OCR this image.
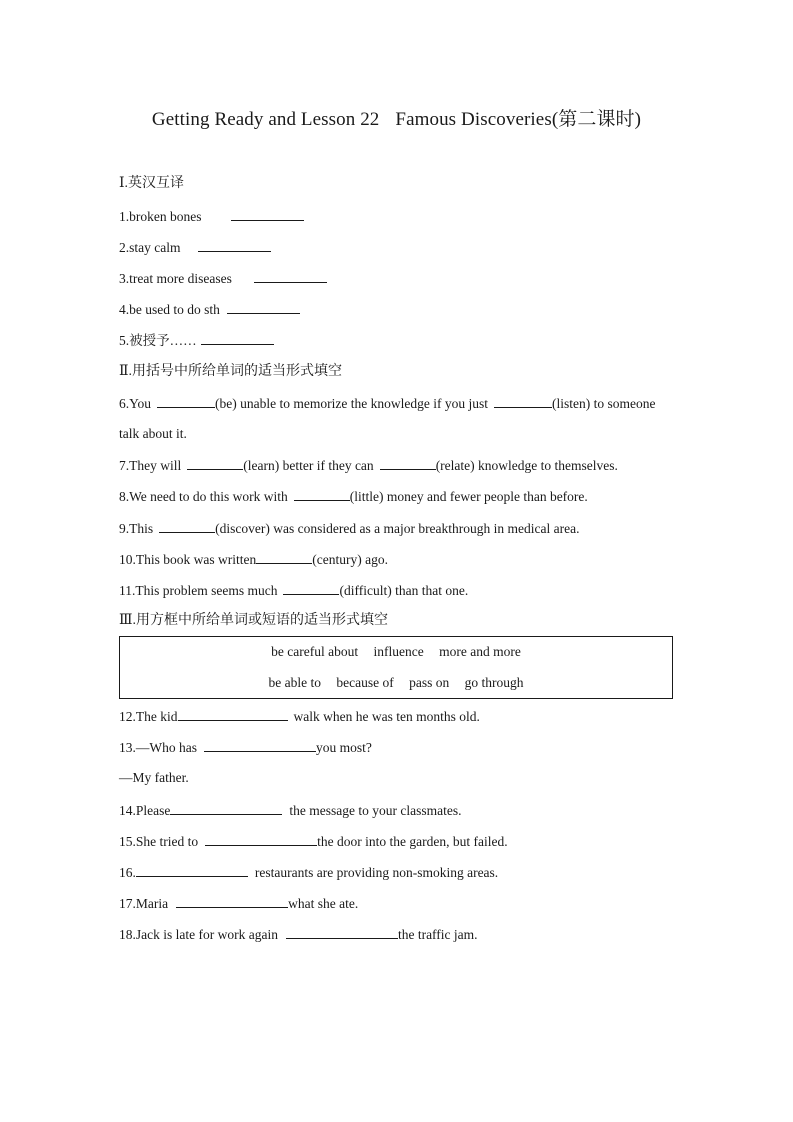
Getting Ready and Lesson 22 Famous Discoveries(第二课时)
Ⅰ.英汉互译
1.broken bones
2.stay calm
3.treat more diseases
4.be used to do sth
5.被授予……
Ⅱ.用括号中所给单词的适当形式填空
6.You	(be) unable to memorize the knowledge if you just	(listen) to someone
talk about it.
7.They will	(learn) better if they can	(relate) knowledge to themselves.
8.We need to do this work with	(little) money and fewer people than before.
9.This	(discover) was considered as a major breakthrough in medical area.
10.This book was written	(century) ago.
11.This problem seems much	(difficult) than that one.
Ⅲ.用方框中所给单词或短语的适当形式填空
be careful about influence more and more
be able to because of pass on go through
12.The kid	walk when he was ten months old.
13.—Who has	you most?
—My father.
14.Please	the message to your classmates.
15.She tried to	the door into the garden, but failed.
16.	restaurants are providing non-smoking areas.
17.Maria	what she ate.
18.Jack is late for work again	the traffic jam.
